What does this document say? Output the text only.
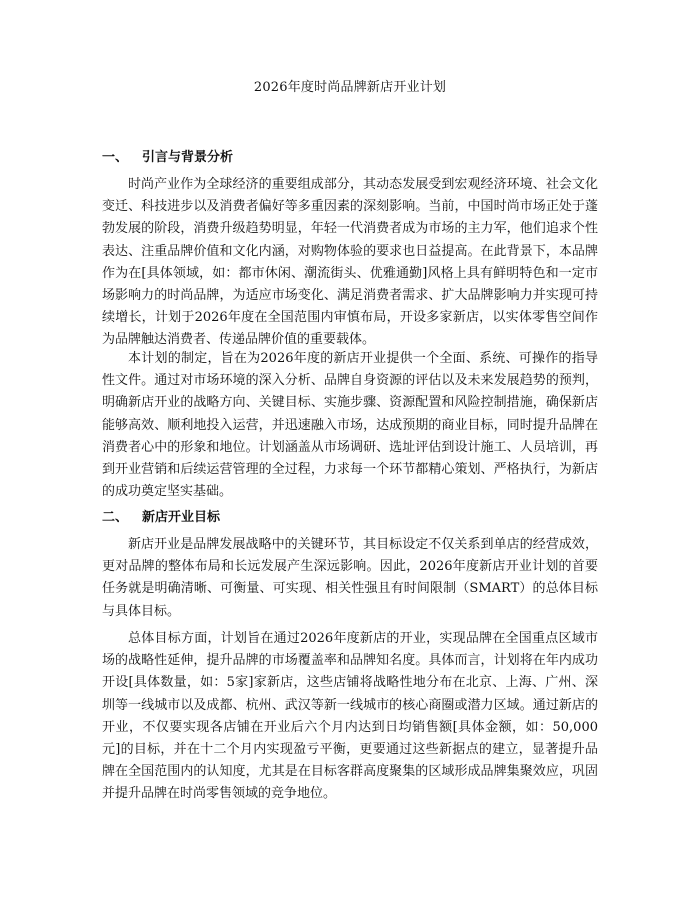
2026年度时尚品牌新店开业计划
一、 引言与背景分析

时尚产业作为全球经济的重要组成部分，其动态发展受到宏观经济环境、社会文化变迁、科技进步以及消费者偏好等多重因素的深刻影响。当前，中国时尚市场正处于蓬勃发展的阶段，消费升级趋势明显，年轻一代消费者成为市场的主力军，他们追求个性表达、注重品牌价值和文化内涵，对购物体验的要求也日益提高。在此背景下，本品牌作为在[具体领域，如：都市休闲、潮流街头、优雅通勤]风格上具有鲜明特色和一定市场影响力的时尚品牌，为适应市场变化、满足消费者需求、扩大品牌影响力并实现可持续增长，计划于2026年度在全国范围内审慎布局，开设多家新店，以实体零售空间作为品牌触达消费者、传递品牌价值的重要载体。

本计划的制定，旨在为2026年度的新店开业提供一个全面、系统、可操作的指导性文件。通过对市场环境的深入分析、品牌自身资源的评估以及未来发展趋势的预判，明确新店开业的战略方向、关键目标、实施步骤、资源配置和风险控制措施，确保新店能够高效、顺利地投入运营，并迅速融入市场，达成预期的商业目标，同时提升品牌在消费者心中的形象和地位。计划涵盖从市场调研、选址评估到设计施工、人员培训，再到开业营销和后续运营管理的全过程，力求每一个环节都精心策划、严格执行，为新店的成功奠定坚实基础。

二、 新店开业目标

新店开业是品牌发展战略中的关键环节，其目标设定不仅关系到单店的经营成效，更对品牌的整体布局和长远发展产生深远影响。因此，2026年度新店开业计划的首要任务就是明确清晰、可衡量、可实现、相关性强且有时间限制（SMART）的总体目标与具体目标。

总体目标方面，计划旨在通过2026年度新店的开业，实现品牌在全国重点区域市场的战略性延伸，提升品牌的市场覆盖率和品牌知名度。具体而言，计划将在年内成功开设[具体数量，如：5家]家新店，这些店铺将战略性地分布在北京、上海、广州、深圳等一线城市以及成都、杭州、武汉等新一线城市的核心商圈或潜力区域。通过新店的开业，不仅要实现各店铺在开业后六个月内达到日均销售额[具体金额，如：50,000元]的目标，并在十二个月内实现盈亏平衡，更要通过这些新据点的建立，显著提升品牌在全国范围内的认知度，尤其是在目标客群高度聚集的区域形成品牌集聚效应，巩固并提升品牌在时尚零售领域的竞争地位。
